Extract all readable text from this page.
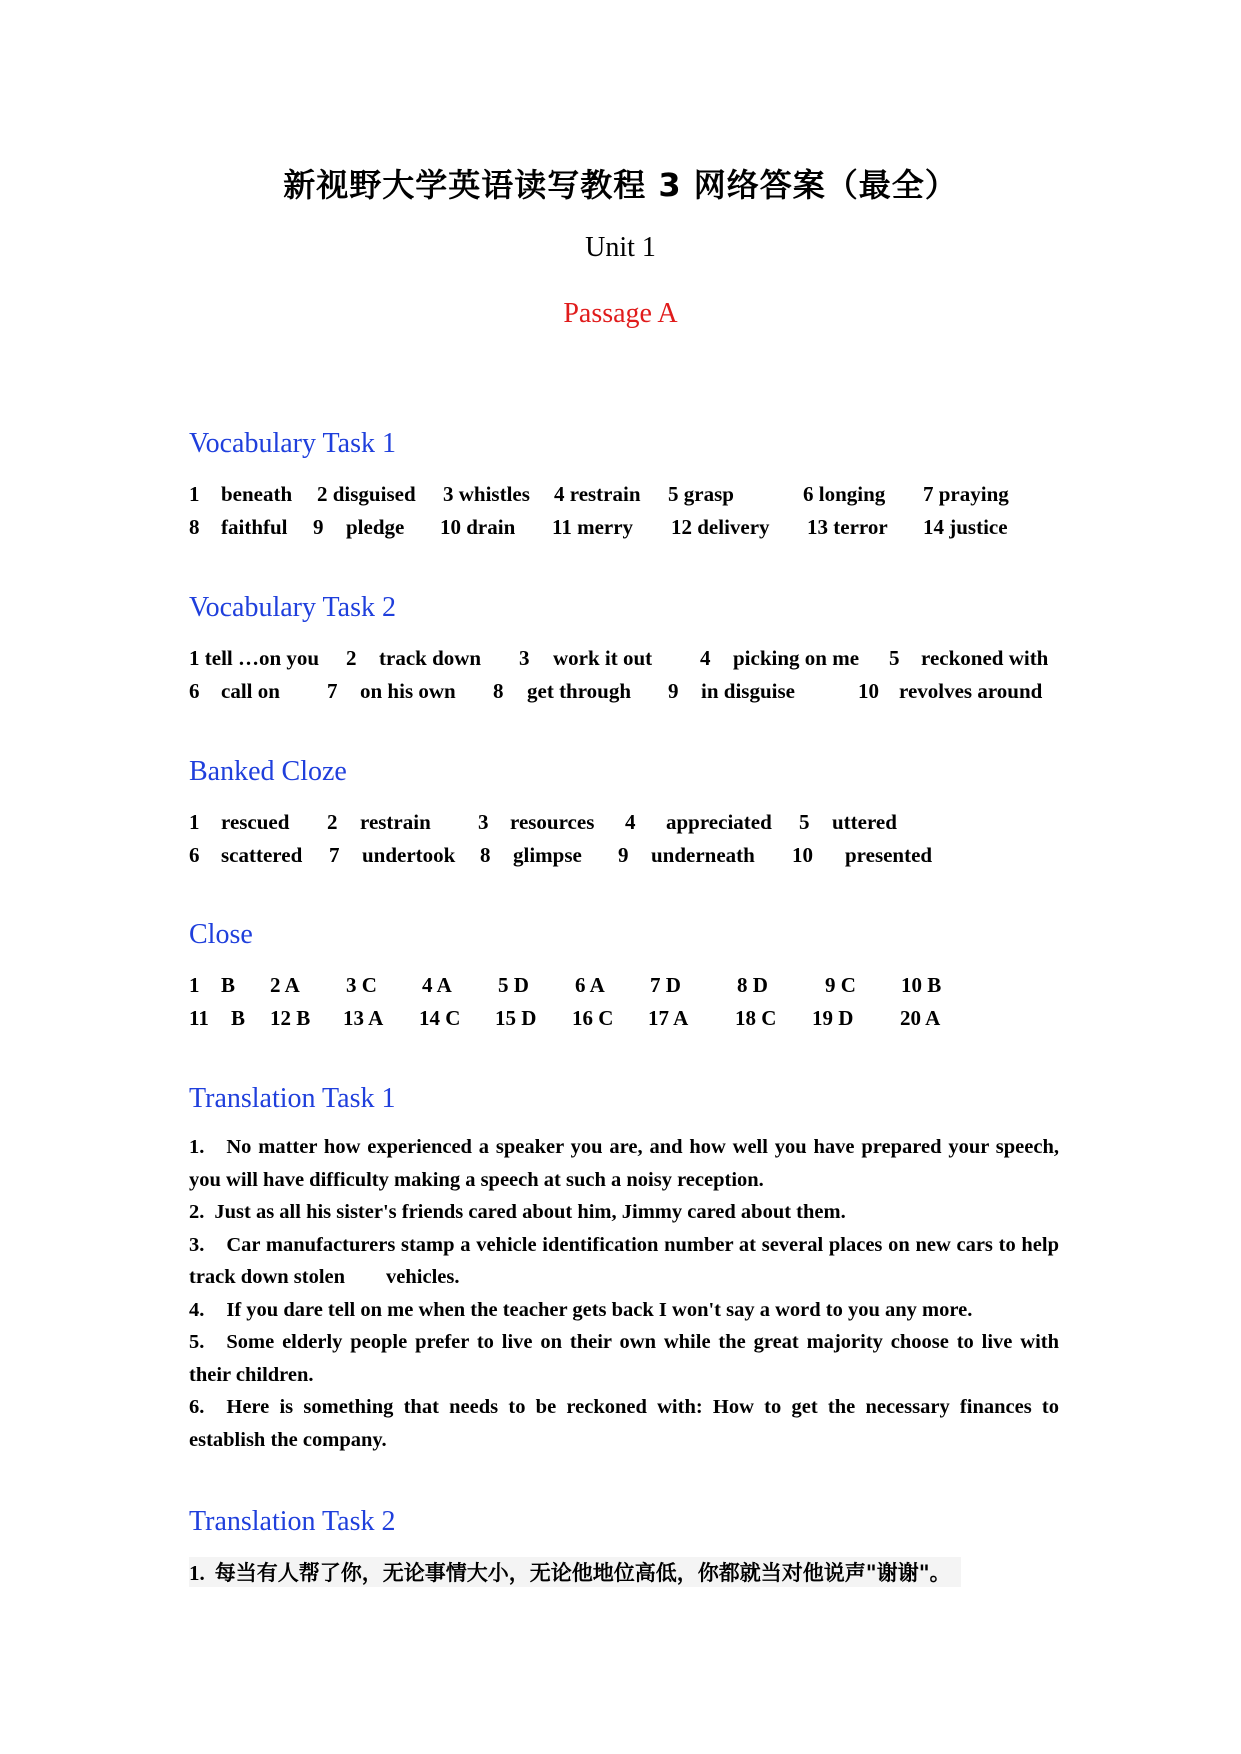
新视野大学英语读写教程 3 网络答案（最全）
Unit 1
Passage A
Vocabulary Task 1
1 beneath 2 disguised 3 whistles 4 restrain 5 grasp	6 longing 7 praying
8 faithful 9 pledge 10 drain 11 merry 12 delivery 13 terror 14 justice
Vocabulary Task 2
1 tell …on you 2 track down 3 work it out 4 picking on me 5 reckoned with
6 call on 7 on his own 8 get through 9 in disguise	10 revolves around
Banked Cloze
1 rescued 2 restrain 3 resources 4 appreciated 5 uttered
6 scattered 7 undertook 8 glimpse 9 underneath 10 presented
Close
1 B 2 A 3 C 4 A 5 D 6 A 7 D	8 D	9 C 10 B
11 B 12 B 13 A 14 C 15 D 16 C 17 A 18 C 19 D 20 A
Translation Task 1
1. No matter how experienced a speaker you are, and how well you have prepared your speech, you will have difficulty making a speech at such a noisy reception.
2. Just as all his sister's friends cared about him, Jimmy cared about them.
3. Car manufacturers stamp a vehicle identification number at several places on new cars to help track down stolen        vehicles.
4. If you dare tell on me when the teacher gets back I won't say a word to you any more.
5. Some elderly people prefer to live on their own while the great majority choose to live with their children.
6. Here is something that needs to be reckoned with: How to get the necessary finances to establish the company.
Translation Task 2
1. 每当有人帮了你，无论事情大小，无论他地位高低，你都就当对他说声"谢谢"。
